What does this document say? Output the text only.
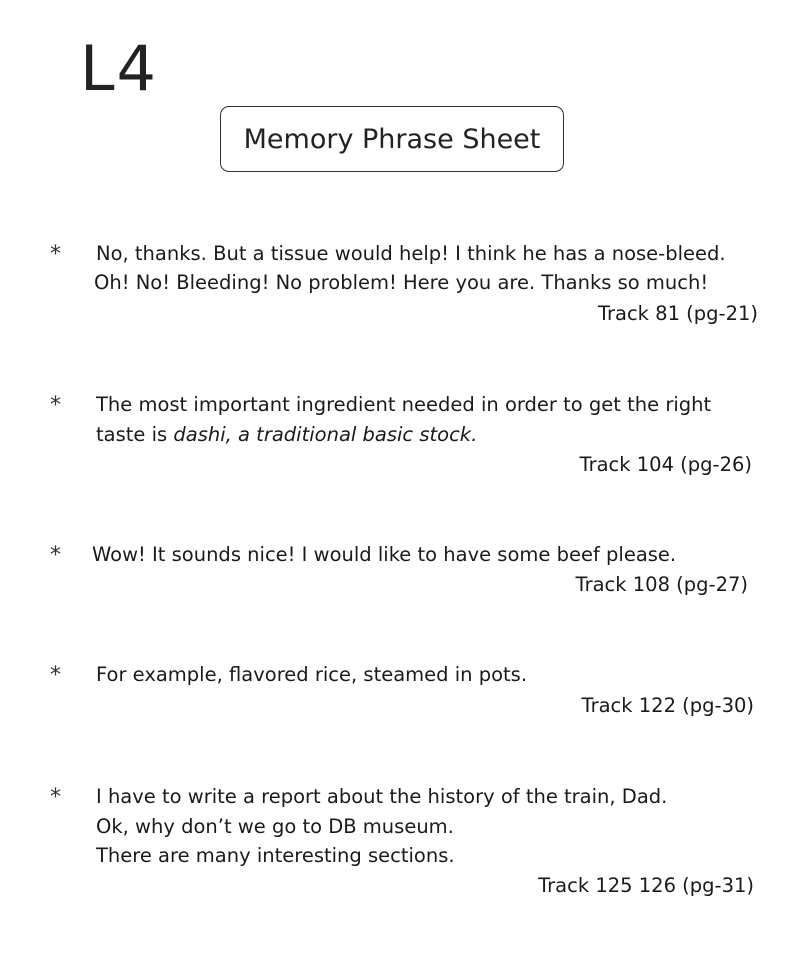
L4
Memory Phrase Sheet
* No, thanks. But a tissue would help! I think he has a nose-bleed.
Oh! No! Bleeding! No problem! Here you are. Thanks so much!
Track 81 (pg-21)
* The most important ingredient needed in order to get the right
taste is dashi, a traditional basic stock.
Track 104 (pg-26)
* Wow! It sounds nice! I would like to have some beef please.
Track 108 (pg-27)
* For example, flavored rice, steamed in pots.
Track 122 (pg-30)
* I have to write a report about the history of the train, Dad.
Ok, why don’t we go to DB museum.
There are many interesting sections.
Track 125 126 (pg-31)
